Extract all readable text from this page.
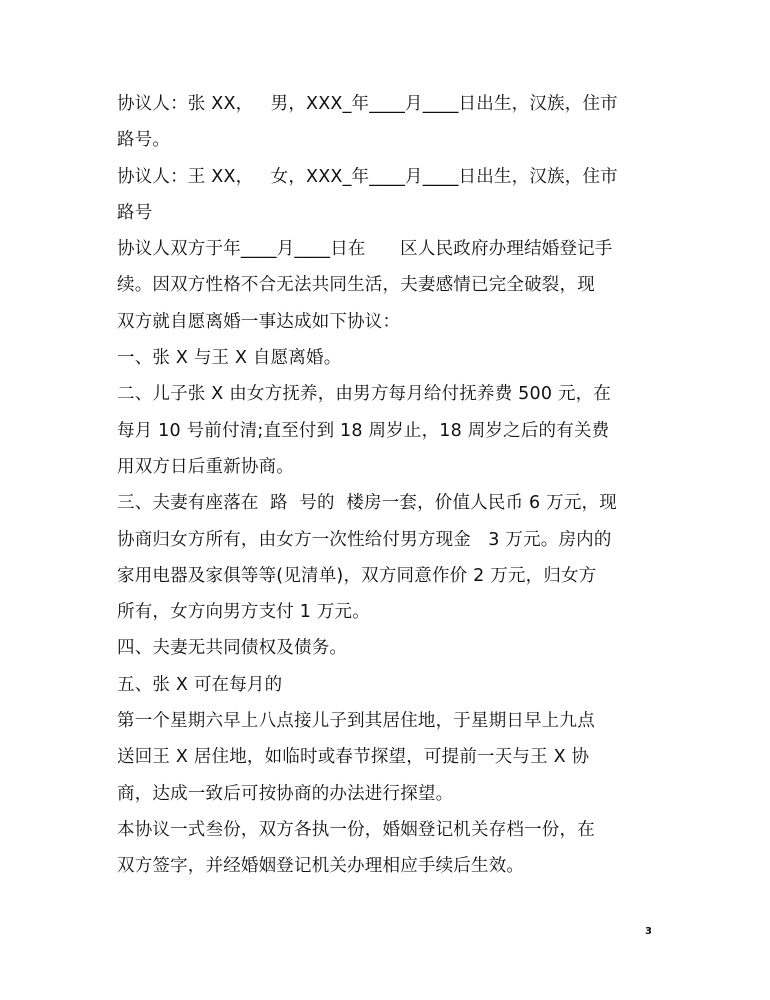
协议人：张 XX，   男，XXX_年____月____日出生，汉族，住市
路号。
协议人：王 XX，   女，XXX_年____月____日出生，汉族，住市
路号
协议人双方于年____月____日在      区人民政府办理结婚登记手
续。因双方性格不合无法共同生活，夫妻感情已完全破裂，现
双方就自愿离婚一事达成如下协议：
一、张 X 与王 X 自愿离婚。
二、儿子张 X 由女方抚养，由男方每月给付抚养费 500 元，在
每月 10 号前付清;直至付到 18 周岁止，18 周岁之后的有关费
用双方日后重新协商。
三、夫妻有座落在  路  号的  楼房一套，价值人民币 6 万元，现
协商归女方所有，由女方一次性给付男方现金   3 万元。房内的
家用电器及家俱等等(见清单)，双方同意作价 2 万元，归女方
所有，女方向男方支付 1 万元。
四、夫妻无共同债权及债务。
五、张 X 可在每月的
第一个星期六早上八点接儿子到其居住地，于星期日早上九点
送回王 X 居住地，如临时或春节探望，可提前一天与王 X 协
商，达成一致后可按协商的办法进行探望。
本协议一式叁份，双方各执一份，婚姻登记机关存档一份，在
双方签字，并经婚姻登记机关办理相应手续后生效。
3
